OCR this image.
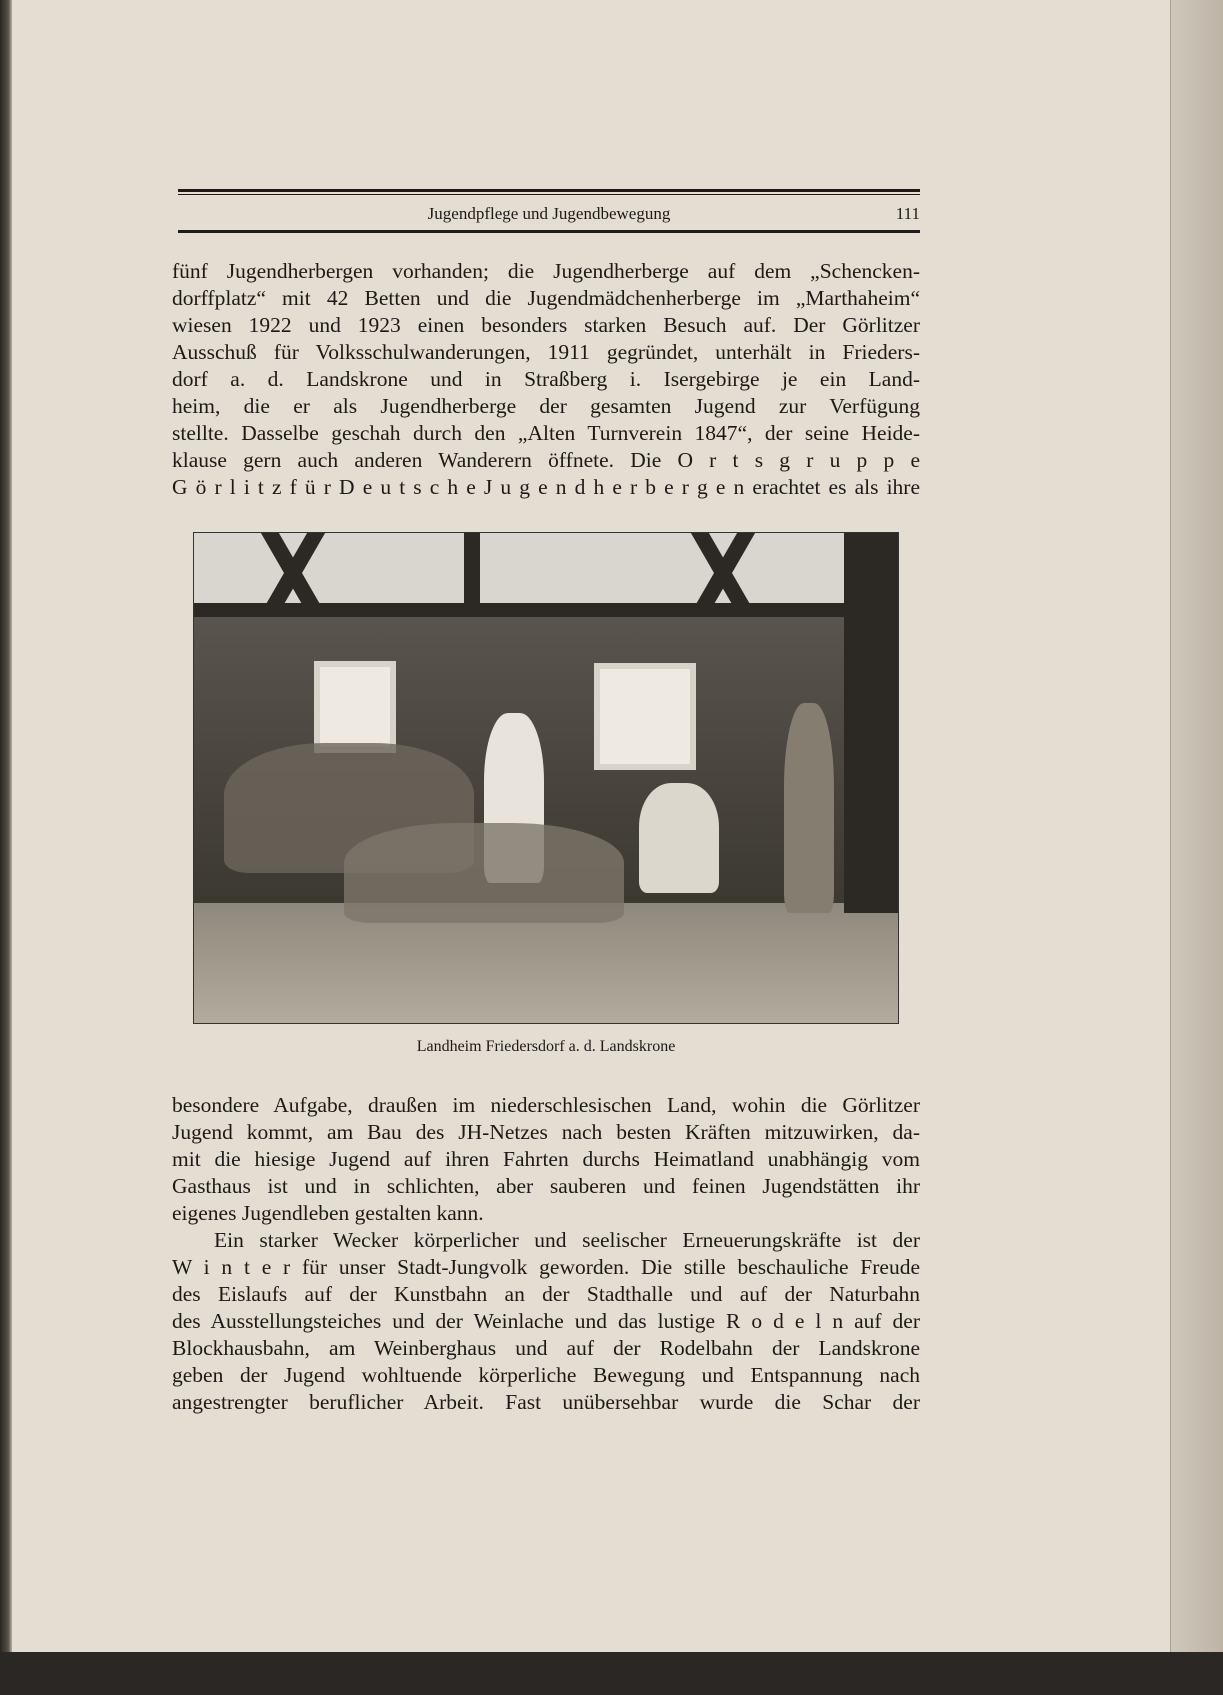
Jugendpflege und Jugendbewegung	111
fünf Jugendherbergen vorhanden; die Jugendherberge auf dem „Schencken-
dorffplatz“ mit 42 Betten und die Jugendmädchenherberge im „Marthaheim“
wiesen 1922 und 1923 einen besonders starken Besuch auf. Der Görlitzer
Ausschuß für Volksschulwanderungen, 1911 gegründet, unterhält in Frieders-
dorf a. d. Landskrone und in Straßberg i. Isergebirge je ein Land-
heim, die er als Jugendherberge der gesamten Jugend zur Verfügung
stellte. Dasselbe geschah durch den „Alten Turnverein 1847“, der seine Heide-
klause gern auch anderen Wanderern öffnete. Die O r t s g r u p p e
G ö r l i t z f ü r D e u t s c h e J u g e n d h e r b e r g e n erachtet es als ihre
Landheim Friedersdorf a. d. Landskrone
besondere Aufgabe, draußen im niederschlesischen Land, wohin die Görlitzer
Jugend kommt, am Bau des JH-Netzes nach besten Kräften mitzuwirken, da-
mit die hiesige Jugend auf ihren Fahrten durchs Heimatland unabhängig vom
Gasthaus ist und in schlichten, aber sauberen und feinen Jugendstätten ihr
eigenes Jugendleben gestalten kann.
Ein starker Wecker körperlicher und seelischer Erneuerungskräfte ist der
W i n t e r für unser Stadt-Jungvolk geworden. Die stille beschauliche Freude
des Eislaufs auf der Kunstbahn an der Stadthalle und auf der Naturbahn
des Ausstellungsteiches und der Weinlache und das lustige R o d e l n auf der
Blockhausbahn, am Weinberghaus und auf der Rodelbahn der Landskrone
geben der Jugend wohltuende körperliche Bewegung und Entspannung nach
angestrengter beruflicher Arbeit. Fast unübersehbar wurde die Schar der
